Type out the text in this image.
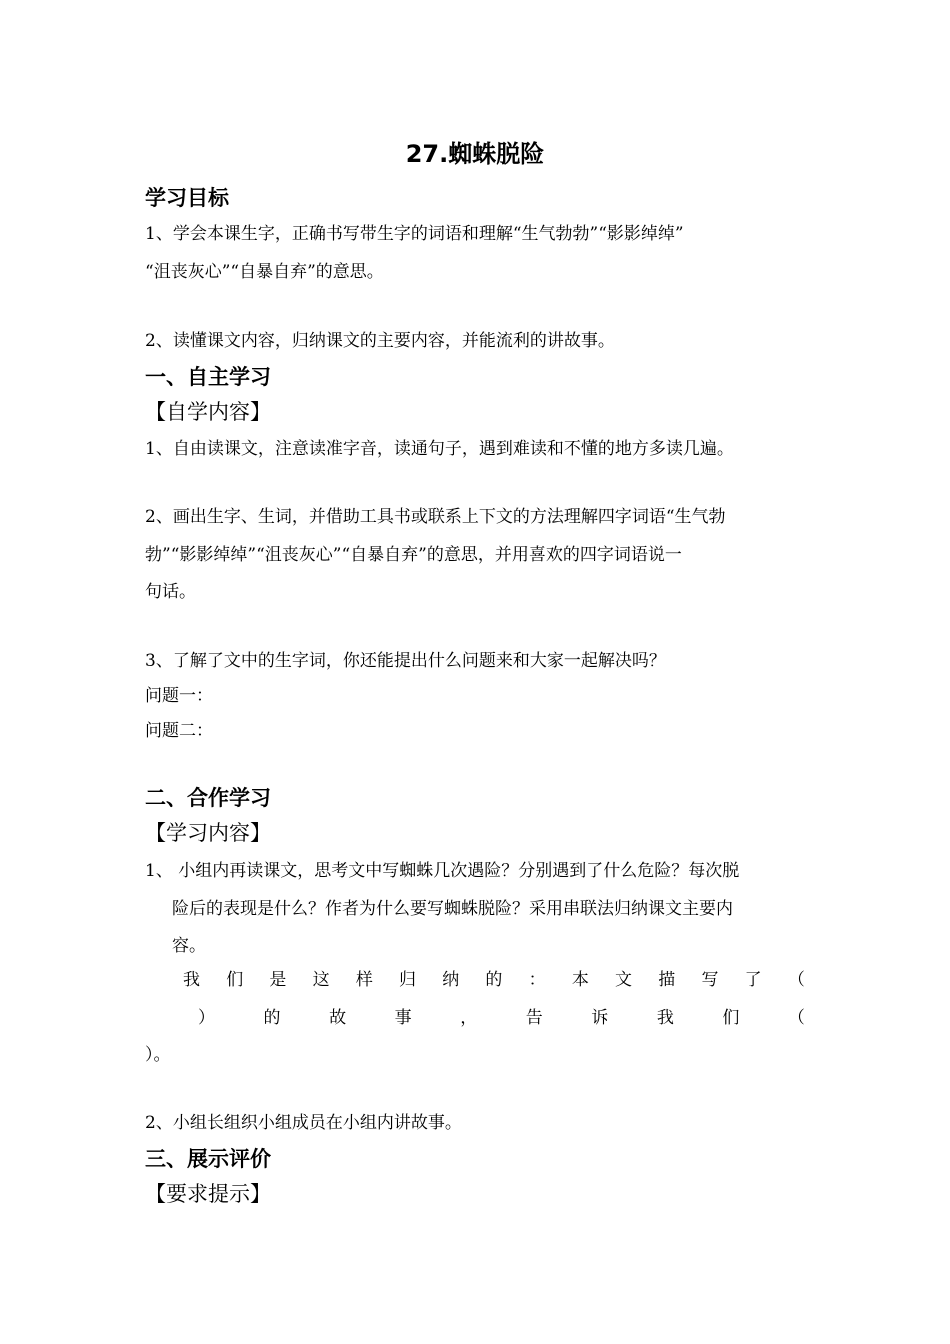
27.蜘蛛脱险
学习目标
1、学会本课生字，正确书写带生字的词语和理解“生气勃勃”“影影绰绰”
“沮丧灰心”“自暴自弃”的意思。
2、读懂课文内容，归纳课文的主要内容，并能流利的讲故事。
一、自主学习
【自学内容】
1、自由读课文，注意读准字音，读通句子，遇到难读和不懂的地方多读几遍。
2、画出生字、生词，并借助工具书或联系上下文的方法理解四字词语“生气勃
勃”“影影绰绰”“沮丧灰心”“自暴自弃”的意思，并用喜欢的四字词语说一
句话。
3、了解了文中的生字词，你还能提出什么问题来和大家一起解决吗？
问题一：
问题二：
二、合作学习
【学习内容】
1、 小组内再读课文，思考文中写蜘蛛几次遇险？分别遇到了什么危险？每次脱
险后的表现是什么？作者为什么要写蜘蛛脱险？采用串联法归纳课文主要内
容。
我 们 是 这 样 归 纳 的 ： 本 文 描 写 了 （
）	的	故	事	，	告	诉	我	们	（
）。
2、小组长组织小组成员在小组内讲故事。
三、展示评价
【要求提示】
